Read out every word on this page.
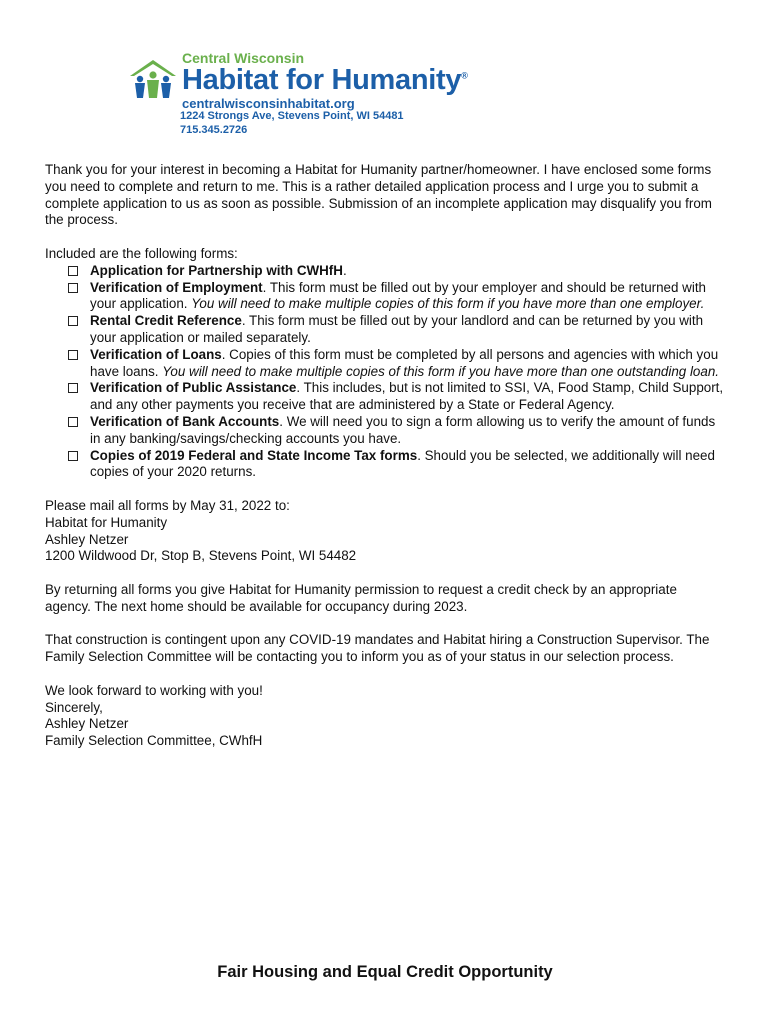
Central Wisconsin
Habitat for Humanity®
centralwisconsinhabitat.org
1224 Strongs Ave, Stevens Point, WI 54481
715.345.2726

Thank you for your interest in becoming a Habitat for Humanity partner/homeowner. I have enclosed some forms you need to complete and return to me. This is a rather detailed application process and I urge you to submit a complete application to us as soon as possible. Submission of an incomplete application may disqualify you from the process.

Included are the following forms:
Application for Partnership with CWHfH.
Verification of Employment. This form must be filled out by your employer and should be returned with your application. You will need to make multiple copies of this form if you have more than one employer.
Rental Credit Reference. This form must be filled out by your landlord and can be returned by you with your application or mailed separately.
Verification of Loans. Copies of this form must be completed by all persons and agencies with which you have loans. You will need to make multiple copies of this form if you have more than one outstanding loan.
Verification of Public Assistance. This includes, but is not limited to SSI, VA, Food Stamp, Child Support, and any other payments you receive that are administered by a State or Federal Agency.
Verification of Bank Accounts. We will need you to sign a form allowing us to verify the amount of funds in any banking/savings/checking accounts you have.
Copies of 2019 Federal and State Income Tax forms. Should you be selected, we additionally will need copies of your 2020 returns.

Please mail all forms by May 31, 2022 to:
Habitat for Humanity
Ashley Netzer
1200 Wildwood Dr, Stop B, Stevens Point, WI 54482

By returning all forms you give Habitat for Humanity permission to request a credit check by an appropriate agency. The next home should be available for occupancy during 2023.

That construction is contingent upon any COVID-19 mandates and Habitat hiring a Construction Supervisor. The Family Selection Committee will be contacting you to inform you as of your status in our selection process.

We look forward to working with you!
Sincerely,
Ashley Netzer
Family Selection Committee, CWhfH

Fair Housing and Equal Credit Opportunity
